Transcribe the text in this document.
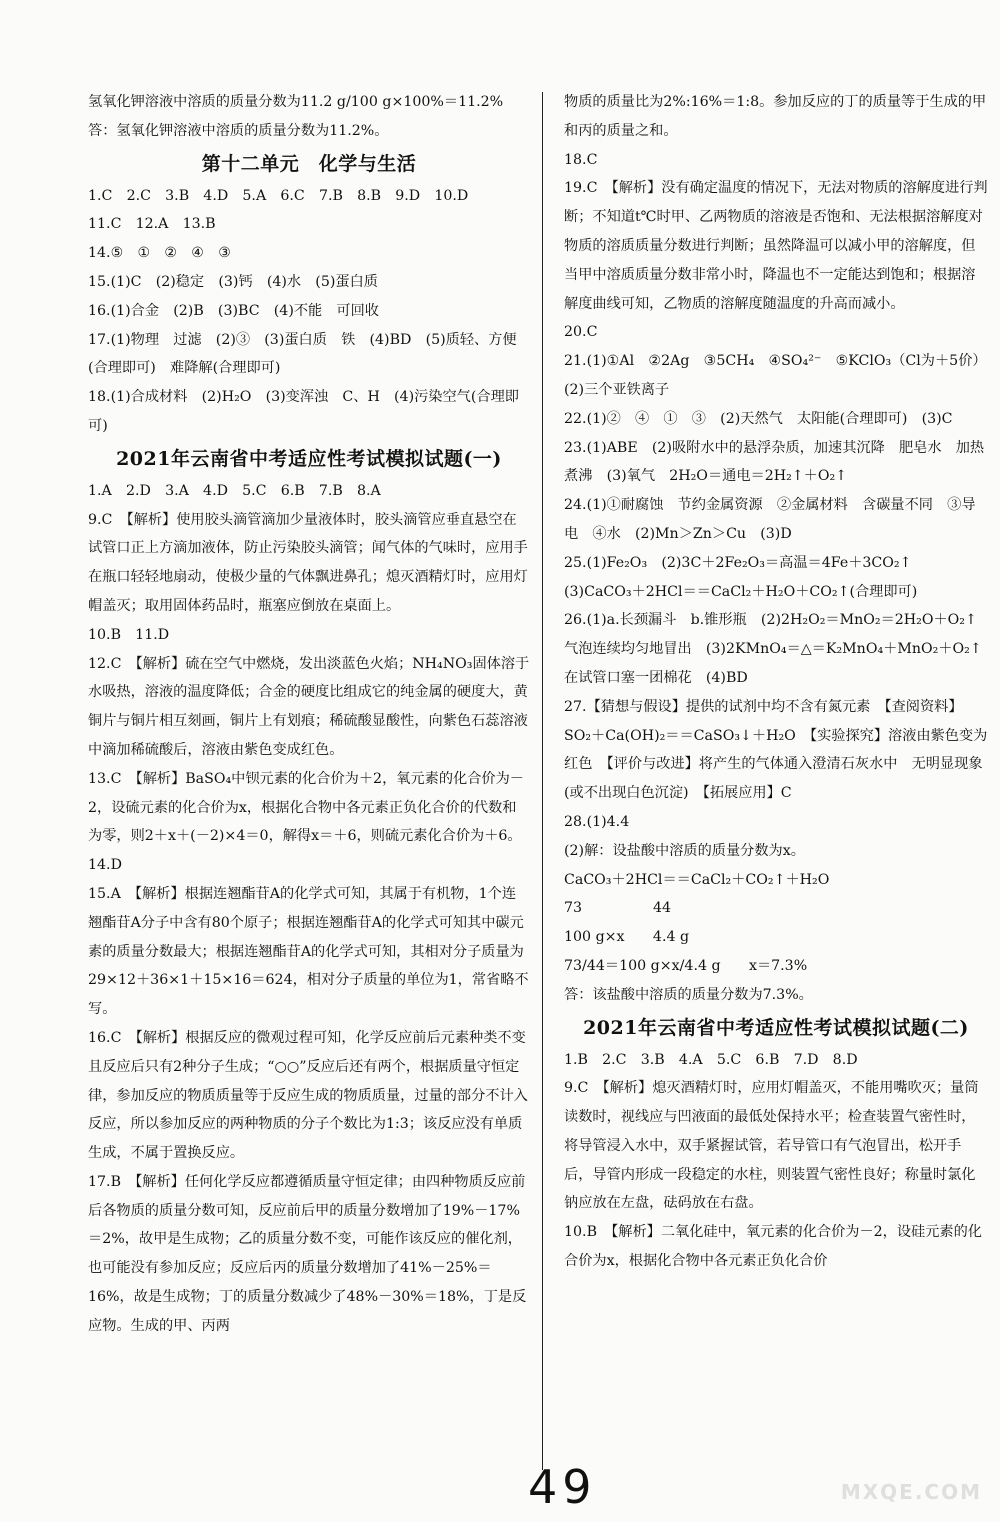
氢氧化钾溶液中溶质的质量分数为11.2 g/100 g×100%＝11.2%
答：氢氧化钾溶液中溶质的质量分数为11.2%。
第十二单元　化学与生活
1.C　2.C　3.B　4.D　5.A　6.C　7.B　8.B　9.D　10.D
11.C　12.A　13.B
14.⑤　①　②　④　③
15.(1)C　(2)稳定　(3)钙　(4)水　(5)蛋白质
16.(1)合金　(2)B　(3)BC　(4)不能　可回收
17.(1)物理　过滤　(2)③　(3)蛋白质　铁　(4)BD　(5)质轻、方便(合理即可)　难降解(合理即可)
18.(1)合成材料　(2)H₂O　(3)变浑浊　C、H　(4)污染空气(合理即可)
2021年云南省中考适应性考试模拟试题(一)
1.A　2.D　3.A　4.D　5.C　6.B　7.B　8.A
9.C　【解析】使用胶头滴管滴加少量液体时，胶头滴管应垂直悬空在试管口正上方滴加液体，防止污染胶头滴管；闻气体的气味时，应用手在瓶口轻轻地扇动，使极少量的气体飘进鼻孔；熄灭酒精灯时，应用灯帽盖灭；取用固体药品时，瓶塞应倒放在桌面上。
10.B　11.D
12.C　【解析】硫在空气中燃烧，发出淡蓝色火焰；NH₄NO₃固体溶于水吸热，溶液的温度降低；合金的硬度比组成它的纯金属的硬度大，黄铜片与铜片相互刻画，铜片上有划痕；稀硫酸显酸性，向紫色石蕊溶液中滴加稀硫酸后，溶液由紫色变成红色。
13.C　【解析】BaSO₄中钡元素的化合价为＋2，氧元素的化合价为－2，设硫元素的化合价为x，根据化合物中各元素正负化合价的代数和为零，则2＋x＋(－2)×4＝0，解得x＝＋6，则硫元素化合价为＋6。
14.D
15.A　【解析】根据连翘酯苷A的化学式可知，其属于有机物，1个连翘酯苷A分子中含有80个原子；根据连翘酯苷A的化学式可知其中碳元素的质量分数最大；根据连翘酯苷A的化学式可知，其相对分子质量为29×12＋36×1＋15×16＝624，相对分子质量的单位为1，常省略不写。
16.C　【解析】根据反应的微观过程可知，化学反应前后元素种类不变且反应后只有2种分子生成；“○○”反应后还有两个，根据质量守恒定律，参加反应的物质质量等于反应生成的物质质量，过量的部分不计入反应，所以参加反应的两种物质的分子个数比为1:3；该反应没有单质生成，不属于置换反应。
17.B　【解析】任何化学反应都遵循质量守恒定律；由四种物质反应前后各物质的质量分数可知，反应前后甲的质量分数增加了19%－17%＝2%，故甲是生成物；乙的质量分数不变，可能作该反应的催化剂，也可能没有参加反应；反应后丙的质量分数增加了41%－25%＝16%，故是生成物；丁的质量分数减少了48%－30%＝18%，丁是反应物。生成的甲、丙两
物质的质量比为2%:16%＝1:8。参加反应的丁的质量等于生成的甲和丙的质量之和。
18.C
19.C　【解析】没有确定温度的情况下，无法对物质的溶解度进行判断；不知道t℃时甲、乙两物质的溶液是否饱和、无法根据溶解度对物质的溶质质量分数进行判断；虽然降温可以减小甲的溶解度，但当甲中溶质质量分数非常小时，降温也不一定能达到饱和；根据溶解度曲线可知，乙物质的溶解度随温度的升高而减小。
20.C
21.(1)①Al　②2Ag　③5CH₄　④SO₄²⁻　⑤KClO₃（Cl为＋5价）(2)三个亚铁离子
22.(1)②　④　①　③　(2)天然气　太阳能(合理即可)　(3)C
23.(1)ABE　(2)吸附水中的悬浮杂质，加速其沉降　肥皂水　加热煮沸　(3)氧气　2H₂O＝通电＝2H₂↑＋O₂↑
24.(1)①耐腐蚀　节约金属资源　②金属材料　含碳量不同　③导电　④水　(2)Mn＞Zn＞Cu　(3)D
25.(1)Fe₂O₃　(2)3C＋2Fe₂O₃＝高温＝4Fe＋3CO₂↑　(3)CaCO₃＋2HCl＝＝CaCl₂＋H₂O＋CO₂↑(合理即可)
26.(1)a.长颈漏斗　b.锥形瓶　(2)2H₂O₂＝MnO₂＝2H₂O＋O₂↑　气泡连续均匀地冒出　(3)2KMnO₄＝△＝K₂MnO₄＋MnO₂＋O₂↑　在试管口塞一团棉花　(4)BD
27.【猜想与假设】提供的试剂中均不含有氮元素　【查阅资料】SO₂＋Ca(OH)₂＝＝CaSO₃↓＋H₂O　【实验探究】溶液由紫色变为红色　【评价与改进】将产生的气体通入澄清石灰水中　无明显现象(或不出现白色沉淀)　【拓展应用】C
28.(1)4.4
(2)解：设盐酸中溶质的质量分数为x。
CaCO₃＋2HCl＝＝CaCl₂＋CO₂↑＋H₂O
73　　　　　44
100 g×x　　4.4 g
73/44＝100 g×x/4.4 g　　x＝7.3%
答：该盐酸中溶质的质量分数为7.3%。
2021年云南省中考适应性考试模拟试题(二)
1.B　2.C　3.B　4.A　5.C　6.B　7.D　8.D
9.C　【解析】熄灭酒精灯时，应用灯帽盖灭，不能用嘴吹灭；量筒读数时，视线应与凹液面的最低处保持水平；检查装置气密性时，将导管浸入水中，双手紧握试管，若导管口有气泡冒出，松开手后，导管内形成一段稳定的水柱，则装置气密性良好；称量时氯化钠应放在左盘，砝码放在右盘。
10.B　【解析】二氧化硅中，氧元素的化合价为－2，设硅元素的化合价为x，根据化合物中各元素正负化合价
49	MXQE.COM
